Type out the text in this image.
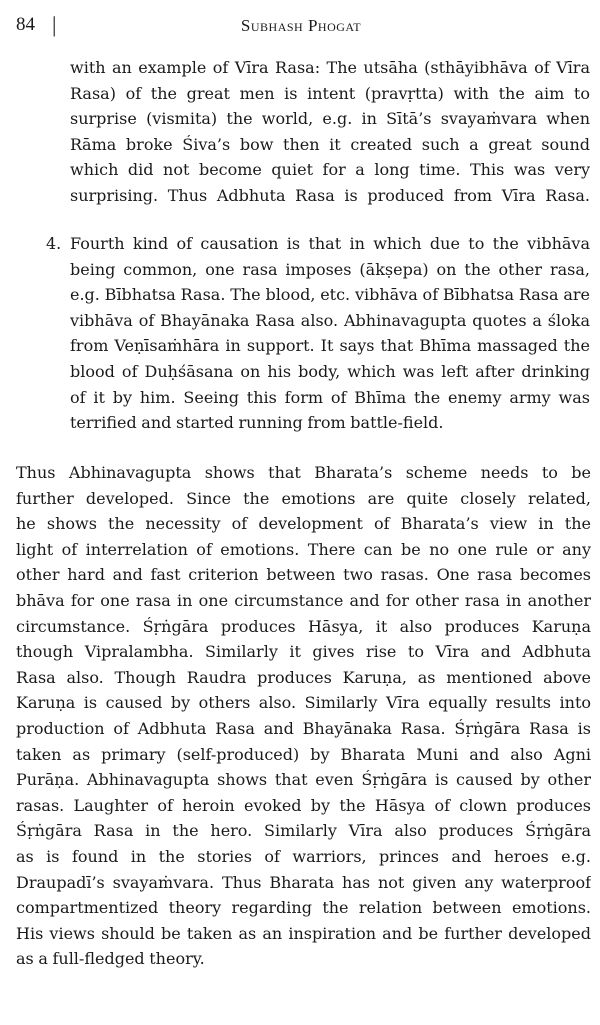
84 |	Subhash Phogat
with an example of Vīra Rasa: The utsāha (sthāyibhāva of Vīra
Rasa) of the great men is intent (pravṛtta) with the aim to
surprise (vismita) the world, e.g. in Sītā’s svayaṁvara when
Rāma broke Śiva’s bow then it created such a great sound
which did not become quiet for a long time. This was very
surprising. Thus Adbhuta Rasa is produced from Vīra Rasa.
4. Fourth kind of causation is that in which due to the vibhāva
being common, one rasa imposes (ākṣepa) on the other rasa,
e.g. Bībhatsa Rasa. The blood, etc. vibhāva of Bībhatsa Rasa are
vibhāva of Bhayānaka Rasa also. Abhinavagupta quotes a śloka
from Veṇīsaṁhāra in support. It says that Bhīma massaged the
blood of Duḥśāsana on his body, which was left after drinking
of it by him. Seeing this form of Bhīma the enemy army was
terrified and started running from battle-field.
Thus Abhinavagupta shows that Bharata’s scheme needs to be
further developed. Since the emotions are quite closely related,
he shows the necessity of development of Bharata’s view in the
light of interrelation of emotions. There can be no one rule or any
other hard and fast criterion between two rasas. One rasa becomes
bhāva for one rasa in one circumstance and for other rasa in another
circumstance. Śṛṅgāra produces Hāsya, it also produces Karuṇa
though Vipralambha. Similarly it gives rise to Vīra and Adbhuta
Rasa also. Though Raudra produces Karuṇa, as mentioned above
Karuṇa is caused by others also. Similarly Vīra equally results into
production of Adbhuta Rasa and Bhayānaka Rasa. Śṛṅgāra Rasa is
taken as primary (self-produced) by Bharata Muni and also Agni
Purāṇa. Abhinavagupta shows that even Śṛṅgāra is caused by other
rasas. Laughter of heroin evoked by the Hāsya of clown produces
Śṛṅgāra Rasa in the hero. Similarly Vīra also produces Śṛṅgāra
as is found in the stories of warriors, princes and heroes e.g.
Draupadī’s svayaṁvara. Thus Bharata has not given any waterproof
compartmentized theory regarding the relation between emotions.
His views should be taken as an inspiration and be further developed
as a full-fledged theory.
